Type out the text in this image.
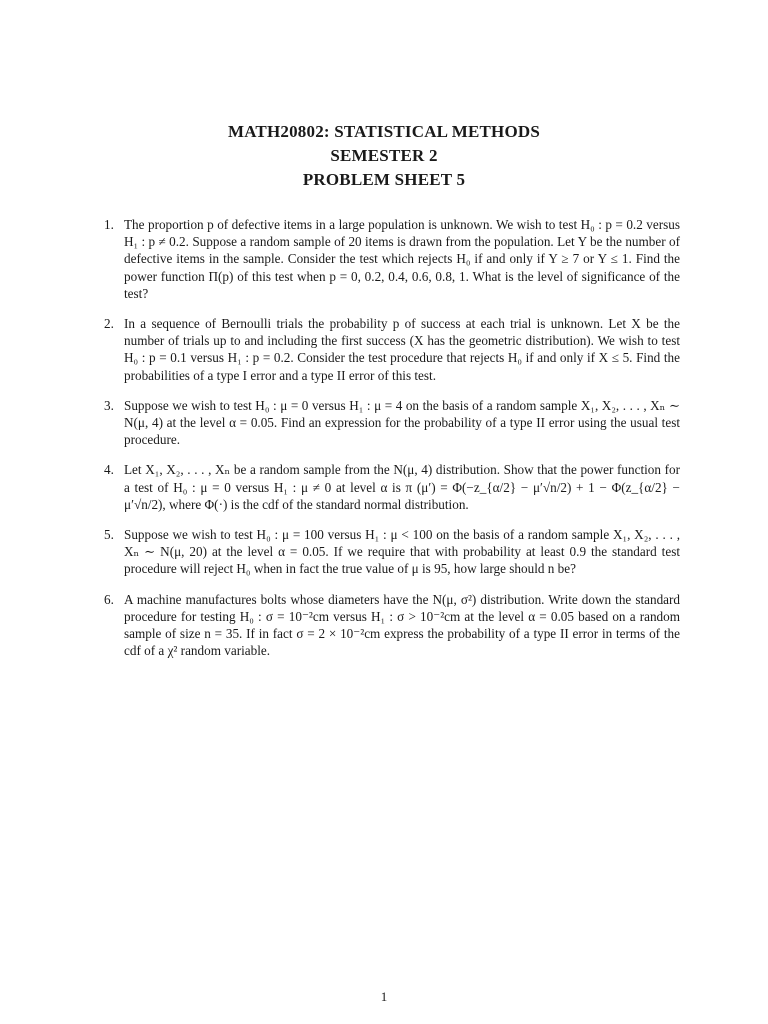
MATH20802: STATISTICAL METHODS
SEMESTER 2
PROBLEM SHEET 5
1. The proportion p of defective items in a large population is unknown. We wish to test H₀ : p = 0.2 versus H₁ : p ≠ 0.2. Suppose a random sample of 20 items is drawn from the population. Let Y be the number of defective items in the sample. Consider the test which rejects H₀ if and only if Y ≥ 7 or Y ≤ 1. Find the power function Π(p) of this test when p = 0, 0.2, 0.4, 0.6, 0.8, 1. What is the level of significance of the test?
2. In a sequence of Bernoulli trials the probability p of success at each trial is unknown. Let X be the number of trials up to and including the first success (X has the geometric distribution). We wish to test H₀ : p = 0.1 versus H₁ : p = 0.2. Consider the test procedure that rejects H₀ if and only if X ≤ 5. Find the probabilities of a type I error and a type II error of this test.
3. Suppose we wish to test H₀ : μ = 0 versus H₁ : μ = 4 on the basis of a random sample X₁, X₂, . . . , Xₙ ∼ N(μ, 4) at the level α = 0.05. Find an expression for the probability of a type II error using the usual test procedure.
4. Let X₁, X₂, . . . , Xₙ be a random sample from the N(μ, 4) distribution. Show that the power function for a test of H₀ : μ = 0 versus H₁ : μ ≠ 0 at level α is π (μ′) = Φ(−z_{α/2} − μ′√n/2) + 1 − Φ(z_{α/2} − μ′√n/2), where Φ(·) is the cdf of the standard normal distribution.
5. Suppose we wish to test H₀ : μ = 100 versus H₁ : μ < 100 on the basis of a random sample X₁, X₂, . . . , Xₙ ∼ N(μ, 20) at the level α = 0.05. If we require that with probability at least 0.9 the standard test procedure will reject H₀ when in fact the true value of μ is 95, how large should n be?
6. A machine manufactures bolts whose diameters have the N(μ, σ²) distribution. Write down the standard procedure for testing H₀ : σ = 10⁻²cm versus H₁ : σ > 10⁻²cm at the level α = 0.05 based on a random sample of size n = 35. If in fact σ = 2 × 10⁻²cm express the probability of a type II error in terms of the cdf of a χ² random variable.
1
